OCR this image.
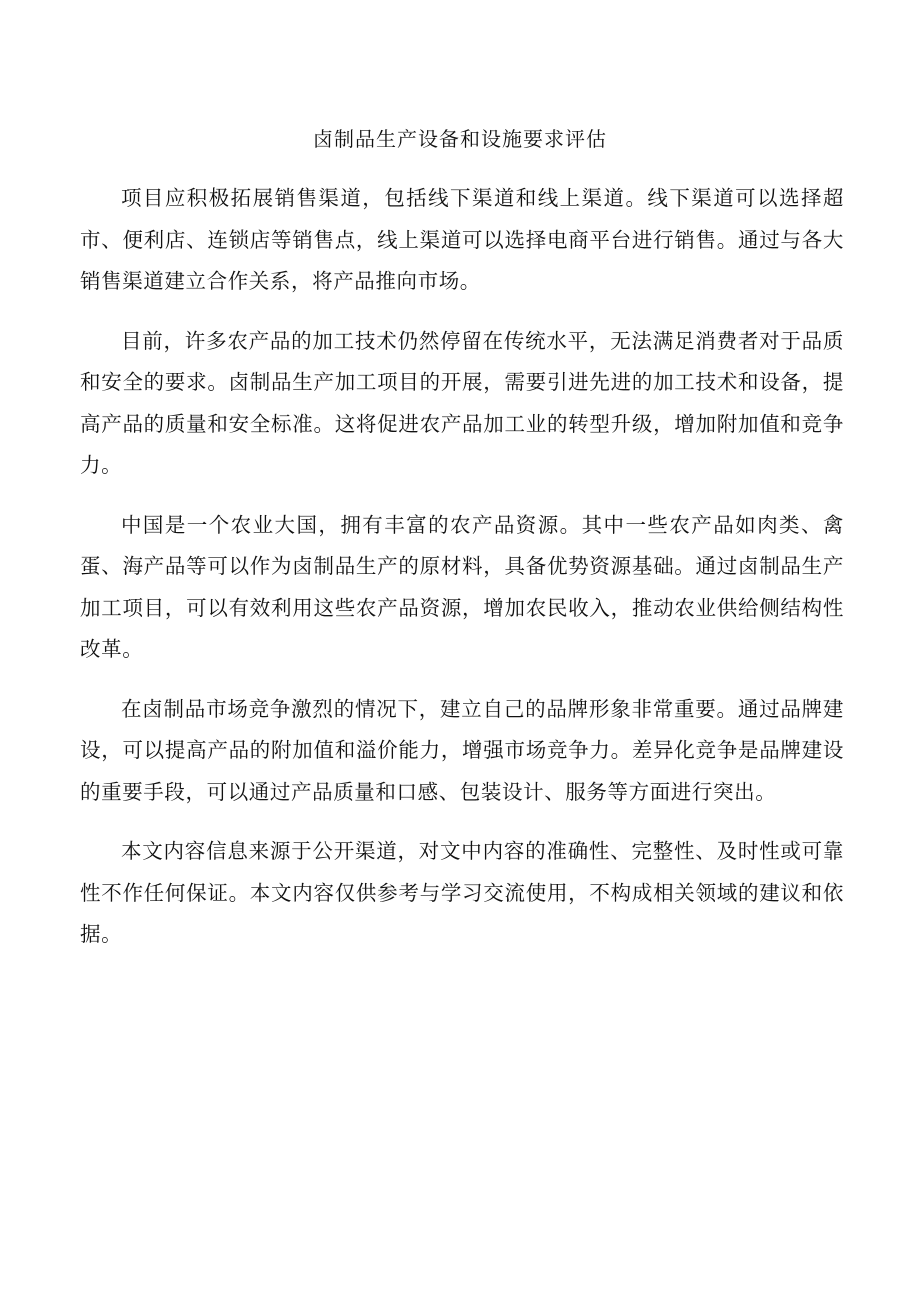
卤制品生产设备和设施要求评估

项目应积极拓展销售渠道，包括线下渠道和线上渠道。线下渠道可以选择超市、便利店、连锁店等销售点，线上渠道可以选择电商平台进行销售。通过与各大销售渠道建立合作关系，将产品推向市场。

目前，许多农产品的加工技术仍然停留在传统水平，无法满足消费者对于品质和安全的要求。卤制品生产加工项目的开展，需要引进先进的加工技术和设备，提高产品的质量和安全标准。这将促进农产品加工业的转型升级，增加附加值和竞争力。

中国是一个农业大国，拥有丰富的农产品资源。其中一些农产品如肉类、禽蛋、海产品等可以作为卤制品生产的原材料，具备优势资源基础。通过卤制品生产加工项目，可以有效利用这些农产品资源，增加农民收入，推动农业供给侧结构性改革。

在卤制品市场竞争激烈的情况下，建立自己的品牌形象非常重要。通过品牌建设，可以提高产品的附加值和溢价能力，增强市场竞争力。差异化竞争是品牌建设的重要手段，可以通过产品质量和口感、包装设计、服务等方面进行突出。

本文内容信息来源于公开渠道，对文中内容的准确性、完整性、及时性或可靠性不作任何保证。本文内容仅供参考与学习交流使用，不构成相关领域的建议和依据。
